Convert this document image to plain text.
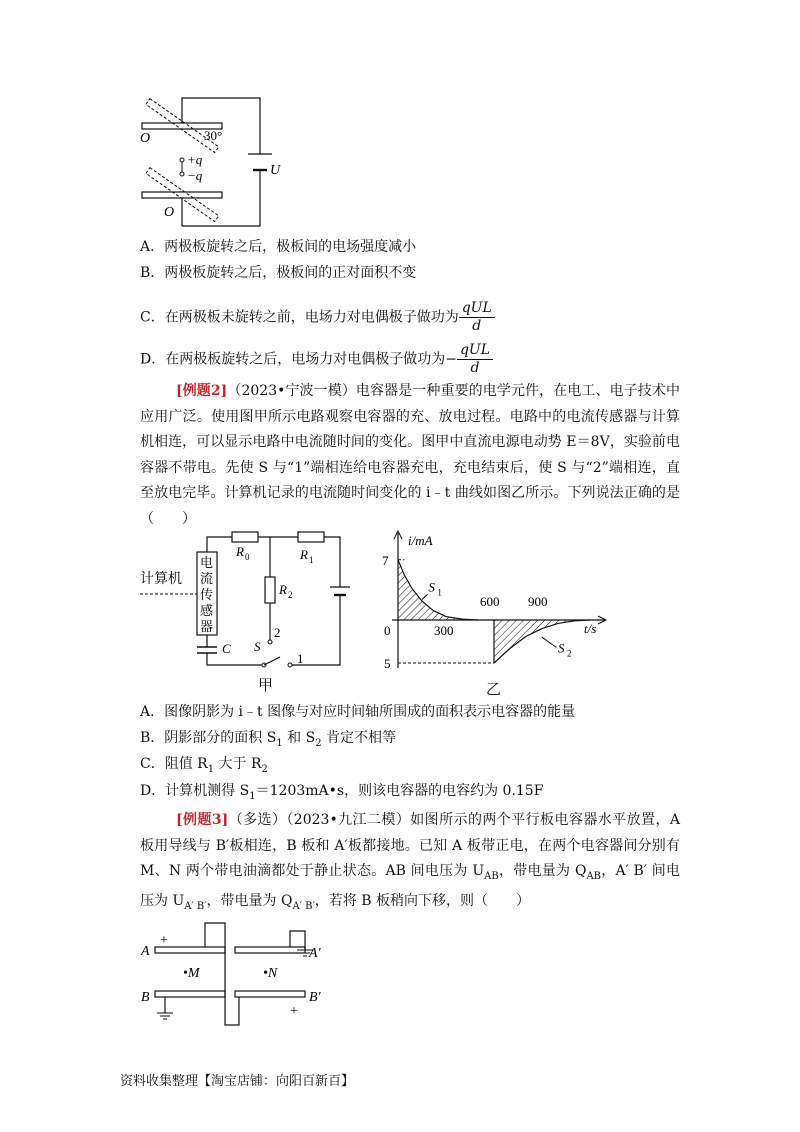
O
O
30°
+q
−q	U
A．两极板旋转之后，极板间的电场强度减小
B．两极板旋转之后，极板间的正对面积不变
C．在两极板未旋转之前，电场力对电偶极子做功为 $\frac{\text{qUL}}{d}$
D．在两极板旋转之后，电场力对电偶极子做功为− $\frac{\text{qUL}}{d}$
[例题2]（2023•宁波一模）电容器是一种重要的电学元件，在电工、电子技术中应用广泛。使用图甲所示电路观察电容器的充、放电过程。电路中的电流传感器与计算机相连，可以显示电路中电流随时间的变化。图甲中直流电源电动势 E＝8V，实验前电容器不带电。先使 S 与“1”端相连给电容器充电，充电结束后，使 S 与“2”端相连，直至放电完毕。计算机记录的电流随时间变化的 i﹣t 曲线如图乙所示。下列说法正确的是（　　）
电
流
传
感
器
计算机
R 0	R 1
R 2
C S
2
1
甲
7
0
5
300
600 900
i/mA
t/s
S 1
S 2
乙
A．图像阴影为 i﹣t 图像与对应时间轴所围成的面积表示电容器的能量
B．阴影部分的面积 $S_1$ 和 $S_2$ 肯定不相等
C．阻值 $R_1$ 大于 $R_2$
D．计算机测得 $S_1=1203mA•s$，则该电容器的电容约为 0.15F
[例题3]（多选）（2023•九江二模）如图所示的两个平行板电容器水平放置，A 板用导线与 B′板相连，B 板和 A′板都接地。已知 A 板带正电，在两个电容器间分别有 M、N 两个带电油滴都处于静止状态。AB 间电压为 $U_{AB}$，带电量为 $Q_{AB}$，A′ B′ 间电压为 $U_{A' B'}$，带电量为 $Q_{A' B'}$，若将 B 板稍向下移，则（　　）
A
+
B
A′
B′
+
•M	•N
资料收集整理【淘宝店铺：向阳百新百】
